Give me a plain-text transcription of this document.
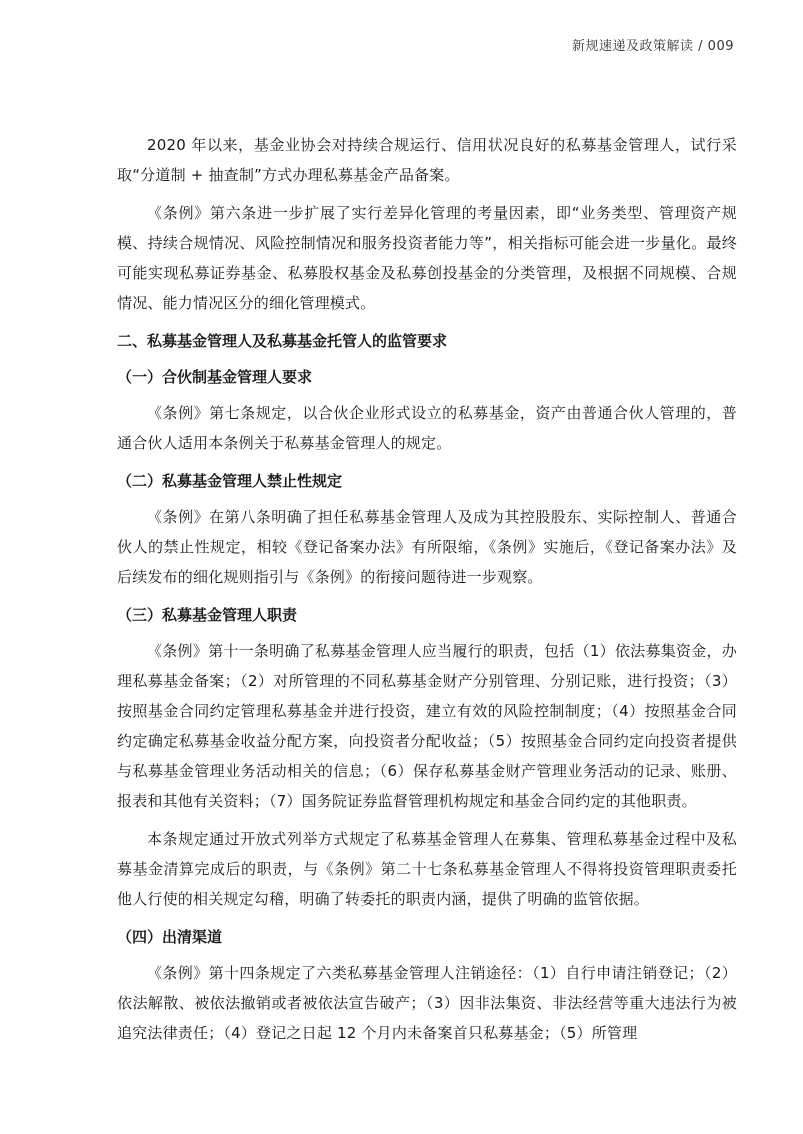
新规速递及政策解读 / 009

2020 年以来，基金业协会对持续合规运行、信用状况良好的私募基金管理人，试行采取“分道制 + 抽查制”方式办理私募基金产品备案。

《条例》第六条进一步扩展了实行差异化管理的考量因素，即“业务类型、管理资产规模、持续合规情况、风险控制情况和服务投资者能力等”，相关指标可能会进一步量化。最终可能实现私募证券基金、私募股权基金及私募创投基金的分类管理，及根据不同规模、合规情况、能力情况区分的细化管理模式。

二、私募基金管理人及私募基金托管人的监管要求
（一）合伙制基金管理人要求

《条例》第七条规定，以合伙企业形式设立的私募基金，资产由普通合伙人管理的，普通合伙人适用本条例关于私募基金管理人的规定。

（二）私募基金管理人禁止性规定

《条例》在第八条明确了担任私募基金管理人及成为其控股股东、实际控制人、普通合伙人的禁止性规定，相较《登记备案办法》有所限缩，《条例》实施后，《登记备案办法》及后续发布的细化规则指引与《条例》的衔接问题待进一步观察。

（三）私募基金管理人职责

《条例》第十一条明确了私募基金管理人应当履行的职责，包括（1）依法募集资金，办理私募基金备案；（2）对所管理的不同私募基金财产分别管理、分别记账，进行投资；（3）按照基金合同约定管理私募基金并进行投资，建立有效的风险控制制度；（4）按照基金合同约定确定私募基金收益分配方案，向投资者分配收益；（5）按照基金合同约定向投资者提供与私募基金管理业务活动相关的信息；（6）保存私募基金财产管理业务活动的记录、账册、报表和其他有关资料；（7）国务院证券监督管理机构规定和基金合同约定的其他职责。

本条规定通过开放式列举方式规定了私募基金管理人在募集、管理私募基金过程中及私募基金清算完成后的职责，与《条例》第二十七条私募基金管理人不得将投资管理职责委托他人行使的相关规定勾稽，明确了转委托的职责内涵，提供了明确的监管依据。

（四）出清渠道

《条例》第十四条规定了六类私募基金管理人注销途径：（1）自行申请注销登记；（2）依法解散、被依法撤销或者被依法宣告破产；（3）因非法集资、非法经营等重大违法行为被追究法律责任；（4）登记之日起 12 个月内未备案首只私募基金；（5）所管理
